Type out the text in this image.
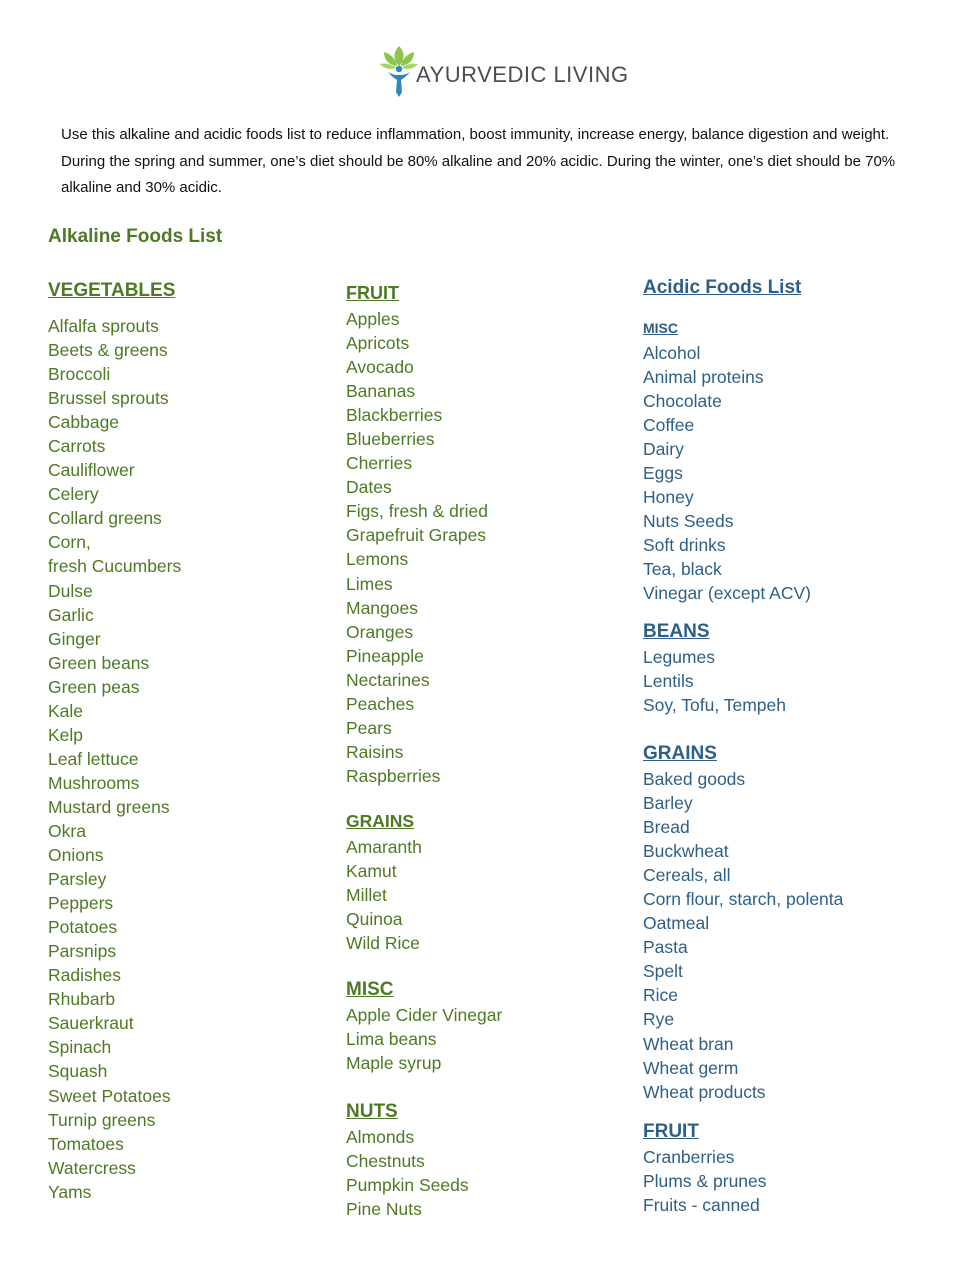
AYURVEDIC LIVING
Use this alkaline and acidic foods list to reduce inflammation, boost immunity, increase energy, balance digestion and weight. During the spring and summer, one’s diet should be 80% alkaline and 20% acidic. During the winter, one’s diet should be 70% alkaline and 30% acidic.
Alkaline Foods List
VEGETABLES
Alfalfa sprouts
Beets & greens
Broccoli
Brussel sprouts
Cabbage
Carrots
Cauliflower
Celery
Collard greens
Corn,
fresh Cucumbers
Dulse
Garlic
Ginger
Green beans
Green peas
Kale
Kelp
Leaf lettuce
Mushrooms
Mustard greens
Okra
Onions
Parsley
Peppers
Potatoes
Parsnips
Radishes
Rhubarb
Sauerkraut
Spinach
Squash
Sweet Potatoes
Turnip greens
Tomatoes
Watercress
Yams
FRUIT
Apples
Apricots
Avocado
Bananas
Blackberries
Blueberries
Cherries
Dates
Figs, fresh & dried
Grapefruit Grapes
Lemons
Limes
Mangoes
Oranges
Pineapple
Nectarines
Peaches
Pears
Raisins
Raspberries
GRAINS
Amaranth
Kamut
Millet
Quinoa
Wild Rice
MISC
Apple Cider Vinegar
Lima beans
Maple syrup
NUTS
Almonds
Chestnuts
Pumpkin Seeds
Pine Nuts
Acidic Foods List
MISC
Alcohol
Animal proteins
Chocolate
Coffee
Dairy
Eggs
Honey
Nuts Seeds
Soft drinks
Tea, black
Vinegar (except ACV)
BEANS
Legumes
Lentils
Soy, Tofu, Tempeh
GRAINS
Baked goods
Barley
Bread
Buckwheat
Cereals, all
Corn flour, starch, polenta
Oatmeal
Pasta
Spelt
Rice
Rye
Wheat bran
Wheat germ
Wheat products
FRUIT
Cranberries
Plums & prunes
Fruits - canned
